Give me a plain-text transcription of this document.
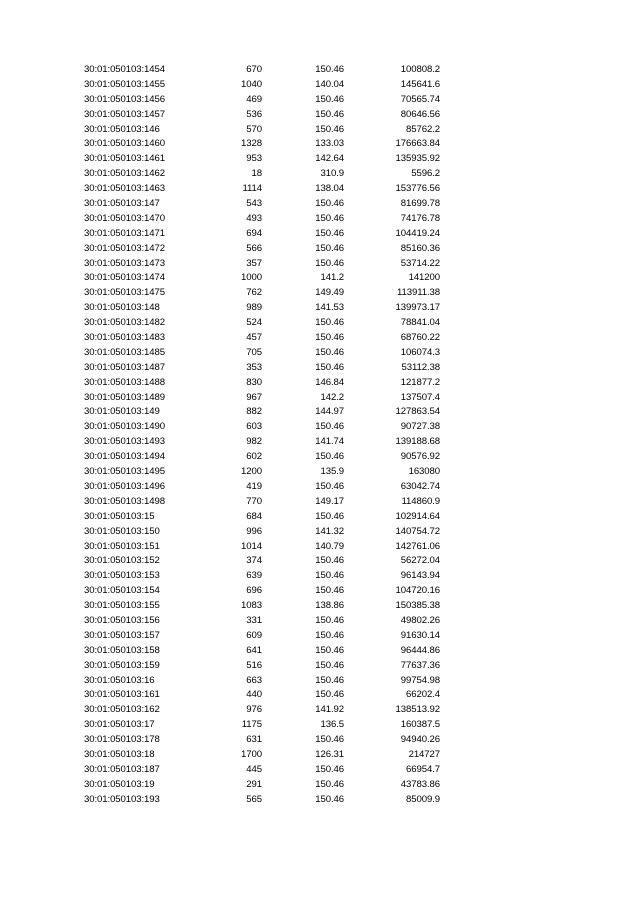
30:01:050103:1454	670	150.46	100808.2
30:01:050103:1455	1040	140.04	145641.6
30:01:050103:1456	469	150.46	70565.74
30:01:050103:1457	536	150.46	80646.56
30:01:050103:146	570	150.46	85762.2
30:01:050103:1460	1328	133.03	176663.84
30:01:050103:1461	953	142.64	135935.92
30:01:050103:1462	18	310.9	5596.2
30:01:050103:1463	1114	138.04	153776.56
30:01:050103:147	543	150.46	81699.78
30:01:050103:1470	493	150.46	74176.78
30:01:050103:1471	694	150.46	104419.24
30:01:050103:1472	566	150.46	85160.36
30:01:050103:1473	357	150.46	53714.22
30:01:050103:1474	1000	141.2	141200
30:01:050103:1475	762	149.49	113911.38
30:01:050103:148	989	141.53	139973.17
30:01:050103:1482	524	150.46	78841.04
30:01:050103:1483	457	150.46	68760.22
30:01:050103:1485	705	150.46	106074.3
30:01:050103:1487	353	150.46	53112.38
30:01:050103:1488	830	146.84	121877.2
30:01:050103:1489	967	142.2	137507.4
30:01:050103:149	882	144.97	127863.54
30:01:050103:1490	603	150.46	90727.38
30:01:050103:1493	982	141.74	139188.68
30:01:050103:1494	602	150.46	90576.92
30:01:050103:1495	1200	135.9	163080
30:01:050103:1496	419	150.46	63042.74
30:01:050103:1498	770	149.17	114860.9
30:01:050103:15	684	150.46	102914.64
30:01:050103:150	996	141.32	140754.72
30:01:050103:151	1014	140.79	142761.06
30:01:050103:152	374	150.46	56272.04
30:01:050103:153	639	150.46	96143.94
30:01:050103:154	696	150.46	104720.16
30:01:050103:155	1083	138.86	150385.38
30:01:050103:156	331	150.46	49802.26
30:01:050103:157	609	150.46	91630.14
30:01:050103:158	641	150.46	96444.86
30:01:050103:159	516	150.46	77637.36
30:01:050103:16	663	150.46	99754.98
30:01:050103:161	440	150.46	66202.4
30:01:050103:162	976	141.92	138513.92
30:01:050103:17	1175	136.5	160387.5
30:01:050103:178	631	150.46	94940.26
30:01:050103:18	1700	126.31	214727
30:01:050103:187	445	150.46	66954.7
30:01:050103:19	291	150.46	43783.86
30:01:050103:193	565	150.46	85009.9
